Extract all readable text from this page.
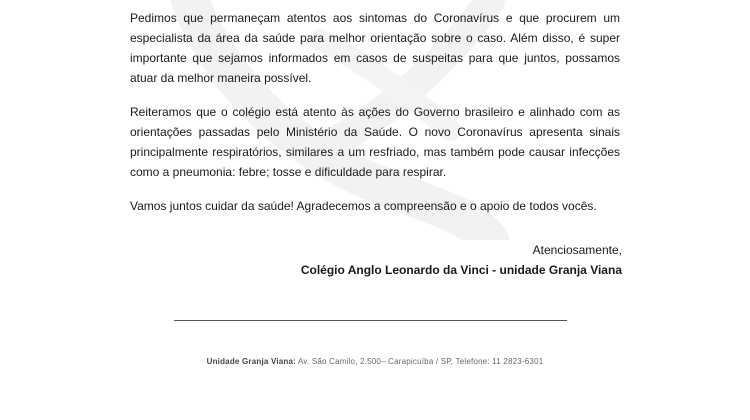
Pedimos que permaneçam atentos aos sintomas do Coronavírus e que procurem um especialista da área da saúde para melhor orientação sobre o caso. Além disso, é super importante que sejamos informados em casos de suspeitas para que juntos, possamos atuar da melhor maneira possível.

Reiteramos que o colégio está atento às ações do Governo brasileiro e alinhado com as orientações passadas pelo Ministério da Saúde. O novo Coronavírus apresenta sinais principalmente respiratórios, similares a um resfriado, mas também pode causar infecções como a pneumonia: febre; tosse e dificuldade para respirar.

Vamos juntos cuidar da saúde! Agradecemos a compreensão e o apoio de todos vocês.

Atenciosamente,
Colégio Anglo Leonardo da Vinci - unidade Granja Viana
Unidade Granja Viana: Av. São Camilo, 2.500– Carapicuíba / SP, Telefone: 11 2823-6301
